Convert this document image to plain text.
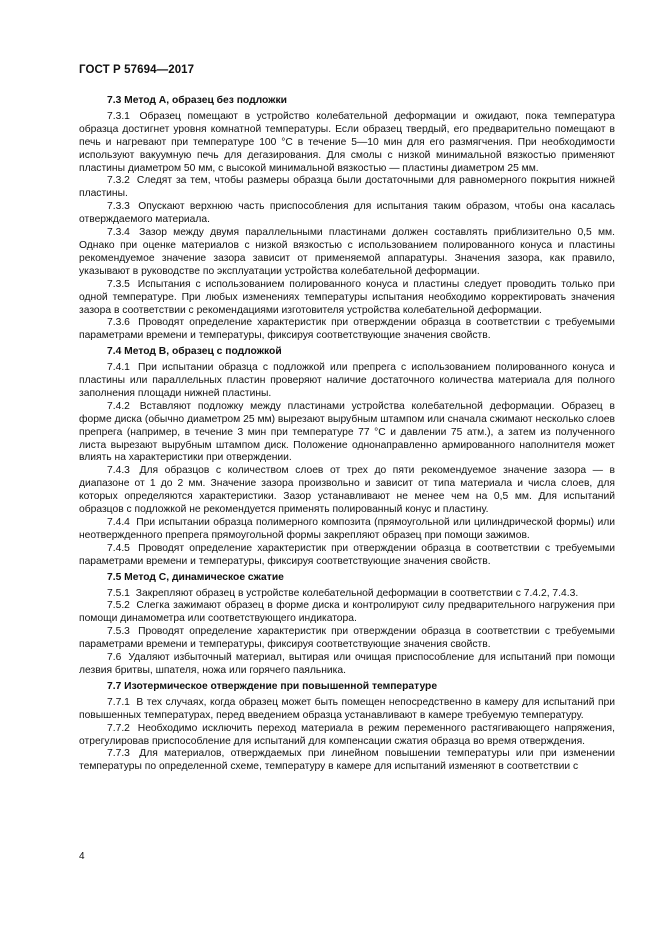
ГОСТ Р 57694—2017
7.3 Метод А, образец без подложки

7.3.1 Образец помещают в устройство колебательной деформации и ожидают, пока температура образца достигнет уровня комнатной температуры. Если образец твердый, его предварительно помещают в печь и нагревают при температуре 100 °С в течение 5—10 мин для его размягчения. При необходимости используют вакуумную печь для дегазирования. Для смолы с низкой минимальной вязкостью применяют пластины диаметром 50 мм, с высокой минимальной вязкостью — пластины диаметром 25 мм.

7.3.2 Следят за тем, чтобы размеры образца были достаточными для равномерного покрытия нижней пластины.

7.3.3 Опускают верхнюю часть приспособления для испытания таким образом, чтобы она касалась отверждаемого материала.

7.3.4 Зазор между двумя параллельными пластинами должен составлять приблизительно 0,5 мм. Однако при оценке материалов с низкой вязкостью с использованием полированного конуса и пластины рекомендуемое значение зазора зависит от применяемой аппаратуры. Значения зазора, как правило, указывают в руководстве по эксплуатации устройства колебательной деформации.

7.3.5 Испытания с использованием полированного конуса и пластины следует проводить только при одной температуре. При любых изменениях температуры испытания необходимо корректировать значения зазора в соответствии с рекомендациями изготовителя устройства колебательной деформации.

7.3.6 Проводят определение характеристик при отверждении образца в соответствии с требуемыми параметрами времени и температуры, фиксируя соответствующие значения свойств.

7.4 Метод В, образец с подложкой

7.4.1 При испытании образца с подложкой или препрега с использованием полированного конуса и пластины или параллельных пластин проверяют наличие достаточного количества материала для полного заполнения площади нижней пластины.

7.4.2 Вставляют подложку между пластинами устройства колебательной деформации. Образец в форме диска (обычно диаметром 25 мм) вырезают вырубным штампом или сначала сжимают несколько слоев препрега (например, в течение 3 мин при температуре 77 °С и давлении 75 атм.), а затем из полученного листа вырезают вырубным штампом диск. Положение однонаправленно армированного наполнителя может влиять на характеристики при отверждении.

7.4.3 Для образцов с количеством слоев от трех до пяти рекомендуемое значение зазора — в диапазоне от 1 до 2 мм. Значение зазора произвольно и зависит от типа материала и числа слоев, для которых определяются характеристики. Зазор устанавливают не менее чем на 0,5 мм. Для испытаний образцов с подложкой не рекомендуется применять полированный конус и пластину.

7.4.4 При испытании образца полимерного композита (прямоугольной или цилиндрической формы) или неотвержденного препрега прямоугольной формы закрепляют образец при помощи зажимов.

7.4.5 Проводят определение характеристик при отверждении образца в соответствии с требуемыми параметрами времени и температуры, фиксируя соответствующие значения свойств.

7.5 Метод С, динамическое сжатие

7.5.1 Закрепляют образец в устройстве колебательной деформации в соответствии с 7.4.2, 7.4.3.

7.5.2 Слегка зажимают образец в форме диска и контролируют силу предварительного нагружения при помощи динамометра или соответствующего индикатора.

7.5.3 Проводят определение характеристик при отверждении образца в соответствии с требуемыми параметрами времени и температуры, фиксируя соответствующие значения свойств.

7.6 Удаляют избыточный материал, вытирая или очищая приспособление для испытаний при помощи лезвия бритвы, шпателя, ножа или горячего паяльника.

7.7 Изотермическое отверждение при повышенной температуре

7.7.1 В тех случаях, когда образец может быть помещен непосредственно в камеру для испытаний при повышенных температурах, перед введением образца устанавливают в камере требуемую температуру.

7.7.2 Необходимо исключить переход материала в режим переменного растягивающего напряжения, отрегулировав приспособление для испытаний для компенсации сжатия образца во время отверждения.

7.7.3 Для материалов, отверждаемых при линейном повышении температуры или при изменении температуры по определенной схеме, температуру в камере для испытаний изменяют в соответствии с

4
